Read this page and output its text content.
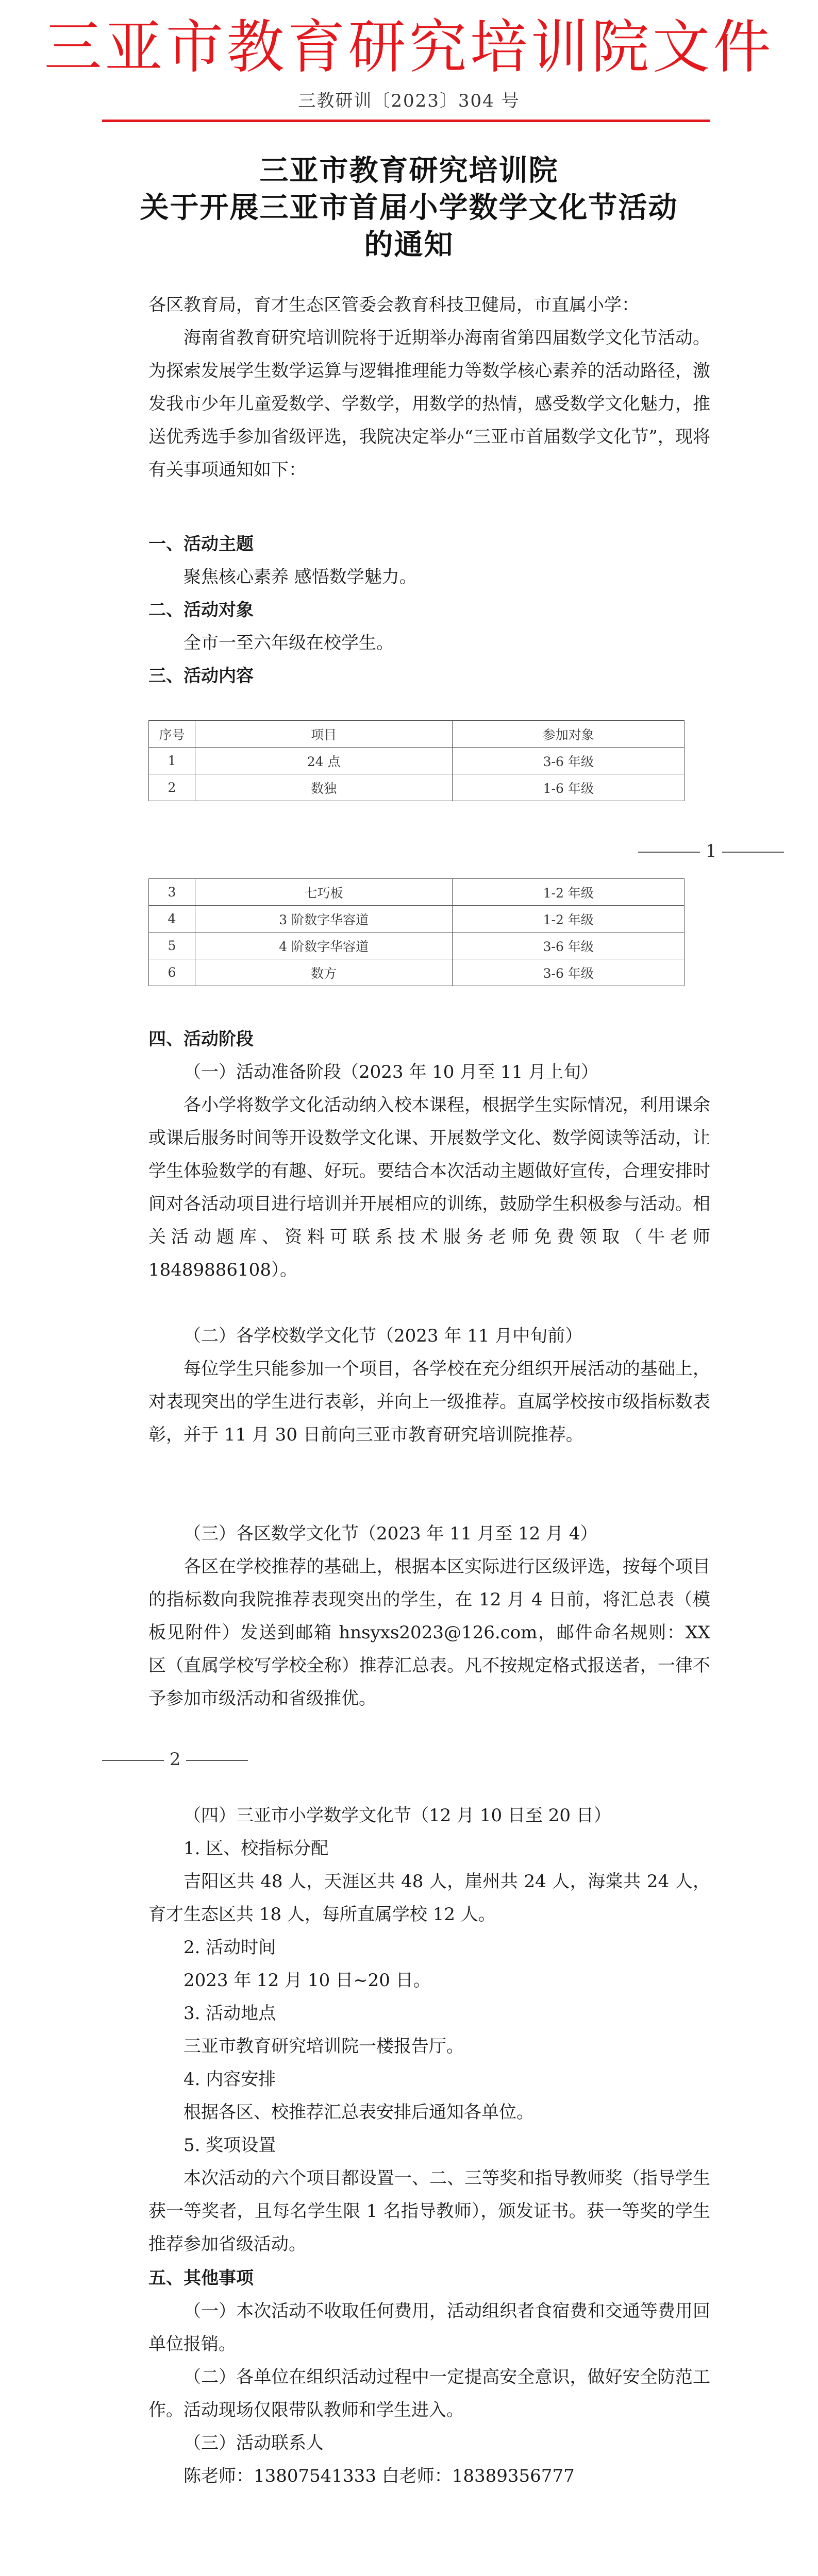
三亚市教育研究培训院文件
三教研训〔2023〕304 号
三亚市教育研究培训院
关于开展三亚市首届小学数学文化节活动
的通知
各区教育局，育才生态区管委会教育科技卫健局，市直属小学：
海南省教育研究培训院将于近期举办海南省第四届数学文化节活动。为探索发展学生数学运算与逻辑推理能力等数学核心素养的活动路径，激发我市少年儿童爱数学、学数学，用数学的热情，感受数学文化魅力，推送优秀选手参加省级评选，我院决定举办“三亚市首届数学文化节”，现将有关事项通知如下：
一、活动主题
聚焦核心素养 感悟数学魅力。
二、活动对象
全市一至六年级在校学生。
三、活动内容
序号	项目	参加对象
1	24 点	3-6 年级
2	数独	1-6 年级
1
3	七巧板	1-2 年级
4	3 阶数字华容道	1-2 年级
5	4 阶数字华容道	3-6 年级
6	数方	3-6 年级
四、活动阶段
（一）活动准备阶段（2023 年 10 月至 11 月上旬）
各小学将数学文化活动纳入校本课程，根据学生实际情况，利用课余或课后服务时间等开设数学文化课、开展数学文化、数学阅读等活动，让学生体验数学的有趣、好玩。要结合本次活动主题做好宣传，合理安排时间对各活动项目进行培训并开展相应的训练，鼓励学生积极参与活动。相关活动题库、资料可联系技术服务老师免费领取（牛老师 18489886108）。
（二）各学校数学文化节（2023 年 11 月中旬前）
每位学生只能参加一个项目，各学校在充分组织开展活动的基础上，对表现突出的学生进行表彰，并向上一级推荐。直属学校按市级指标数表彰，并于 11 月 30 日前向三亚市教育研究培训院推荐。
（三）各区数学文化节（2023 年 11 月至 12 月 4）
各区在学校推荐的基础上，根据本区实际进行区级评选，按每个项目的指标数向我院推荐表现突出的学生，在 12 月 4 日前，将汇总表（模板见附件）发送到邮箱 hnsyxs2023@126.com，邮件命名规则：XX 区（直属学校写学校全称）推荐汇总表。凡不按规定格式报送者，一律不予参加市级活动和省级推优。
2
（四）三亚市小学数学文化节（12 月 10 日至 20 日）
1. 区、校指标分配
吉阳区共 48 人，天涯区共 48 人，崖州共 24 人，海棠共 24 人，育才生态区共 18 人，每所直属学校 12 人。
2. 活动时间
2023 年 12 月 10 日~20 日。
3. 活动地点
三亚市教育研究培训院一楼报告厅。
4. 内容安排
根据各区、校推荐汇总表安排后通知各单位。
5. 奖项设置
本次活动的六个项目都设置一、二、三等奖和指导教师奖（指导学生获一等奖者，且每名学生限 1 名指导教师），颁发证书。获一等奖的学生推荐参加省级活动。
五、其他事项
（一）本次活动不收取任何费用，活动组织者食宿费和交通等费用回单位报销。
（二）各单位在组织活动过程中一定提高安全意识，做好安全防范工作。活动现场仅限带队教师和学生进入。
（三）活动联系人
陈老师：13807541333 白老师：18389356777
